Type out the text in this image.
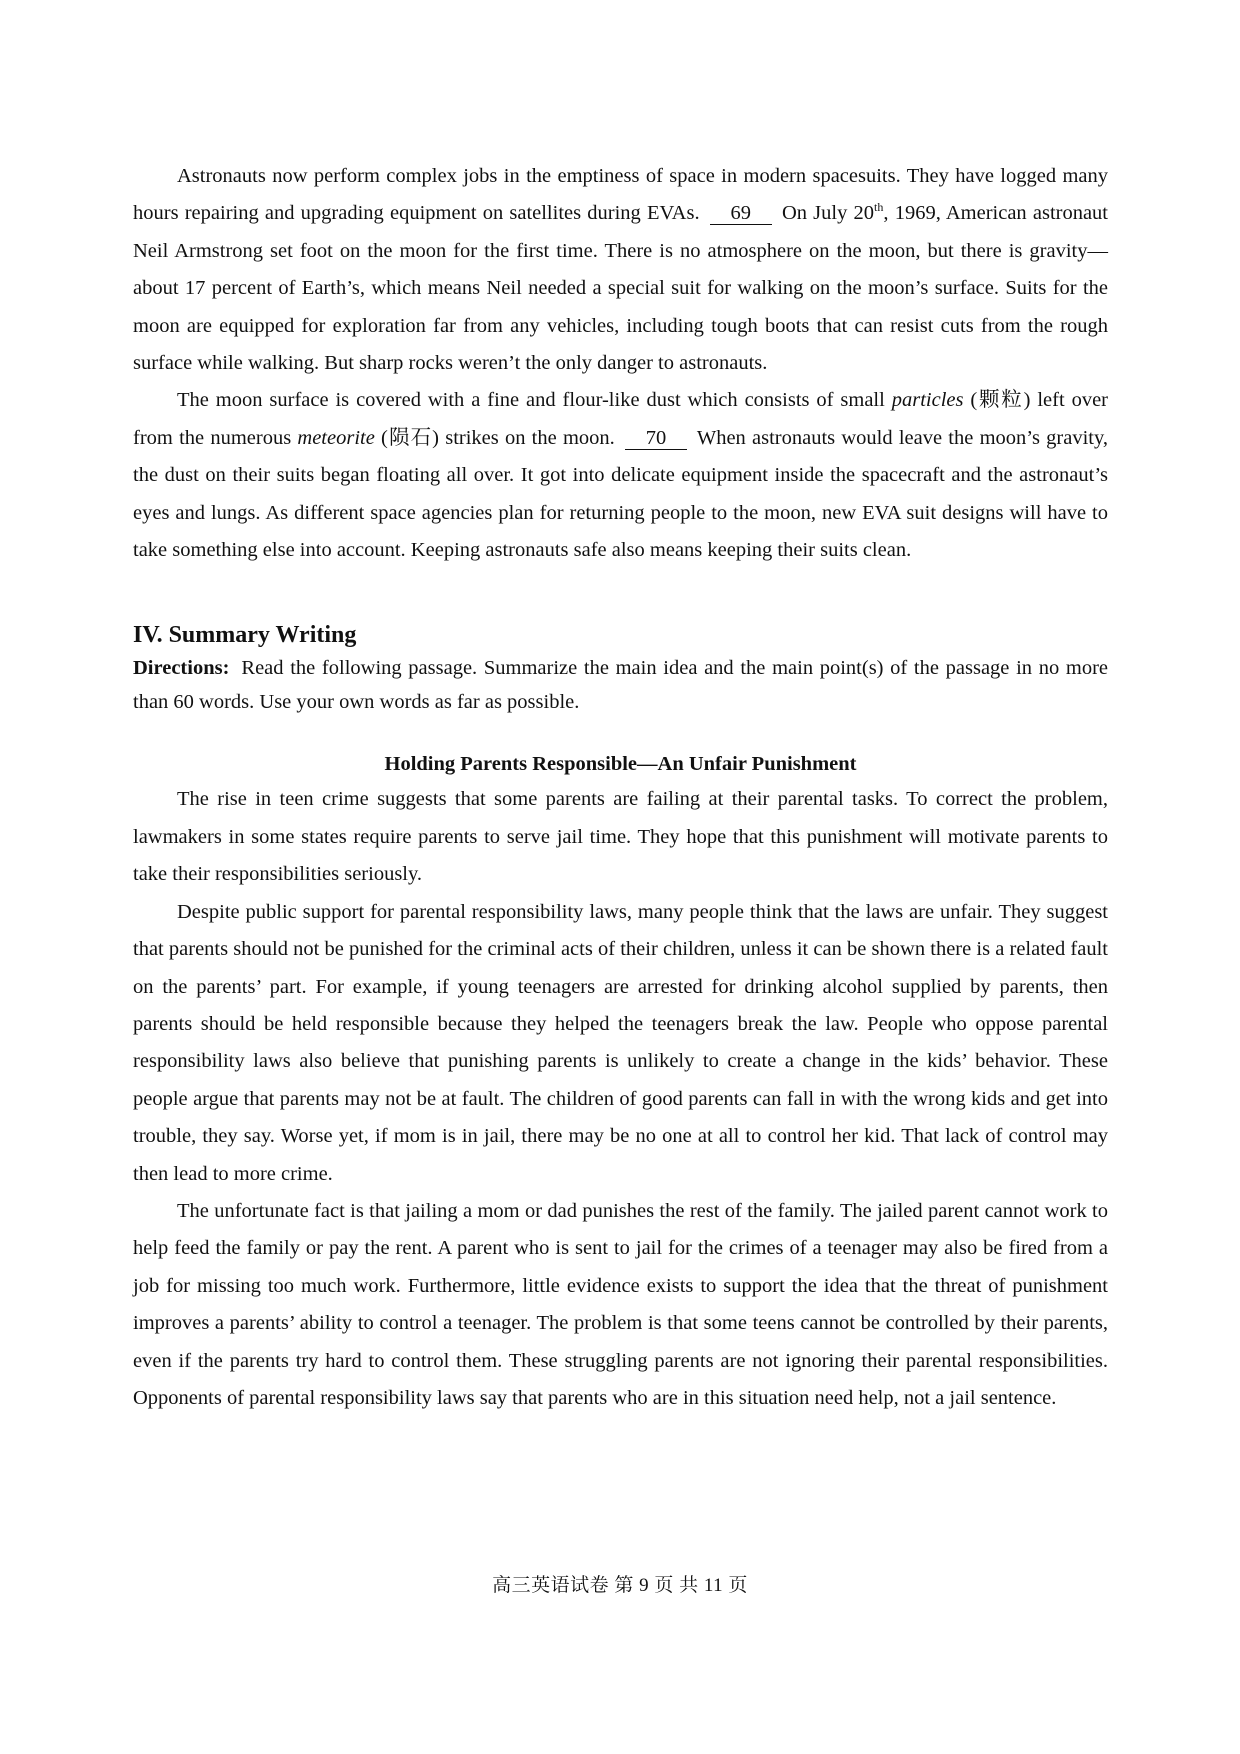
Astronauts now perform complex jobs in the emptiness of space in modern spacesuits. They have logged many hours repairing and upgrading equipment on satellites during EVAs. 69 On July 20th, 1969, American astronaut Neil Armstrong set foot on the moon for the first time. There is no atmosphere on the moon, but there is gravity—about 17 percent of Earth’s, which means Neil needed a special suit for walking on the moon’s surface. Suits for the moon are equipped for exploration far from any vehicles, including tough boots that can resist cuts from the rough surface while walking. But sharp rocks weren’t the only danger to astronauts.

The moon surface is covered with a fine and flour-like dust which consists of small particles (颗粒) left over from the numerous meteorite (陨石) strikes on the moon. 70 When astronauts would leave the moon’s gravity, the dust on their suits began floating all over. It got into delicate equipment inside the spacecraft and the astronaut’s eyes and lungs. As different space agencies plan for returning people to the moon, new EVA suit designs will have to take something else into account. Keeping astronauts safe also means keeping their suits clean.

IV. Summary Writing

Directions: Read the following passage. Summarize the main idea and the main point(s) of the passage in no more than 60 words. Use your own words as far as possible.

Holding Parents Responsible—An Unfair Punishment

The rise in teen crime suggests that some parents are failing at their parental tasks. To correct the problem, lawmakers in some states require parents to serve jail time. They hope that this punishment will motivate parents to take their responsibilities seriously.

Despite public support for parental responsibility laws, many people think that the laws are unfair. They suggest that parents should not be punished for the criminal acts of their children, unless it can be shown there is a related fault on the parents’ part. For example, if young teenagers are arrested for drinking alcohol supplied by parents, then parents should be held responsible because they helped the teenagers break the law. People who oppose parental responsibility laws also believe that punishing parents is unlikely to create a change in the kids’ behavior. These people argue that parents may not be at fault. The children of good parents can fall in with the wrong kids and get into trouble, they say. Worse yet, if mom is in jail, there may be no one at all to control her kid. That lack of control may then lead to more crime.

The unfortunate fact is that jailing a mom or dad punishes the rest of the family. The jailed parent cannot work to help feed the family or pay the rent. A parent who is sent to jail for the crimes of a teenager may also be fired from a job for missing too much work. Furthermore, little evidence exists to support the idea that the threat of punishment improves a parents’ ability to control a teenager. The problem is that some teens cannot be controlled by their parents, even if the parents try hard to control them. These struggling parents are not ignoring their parental responsibilities. Opponents of parental responsibility laws say that parents who are in this situation need help, not a jail sentence.

高三英语试卷 第 9 页 共 11 页
